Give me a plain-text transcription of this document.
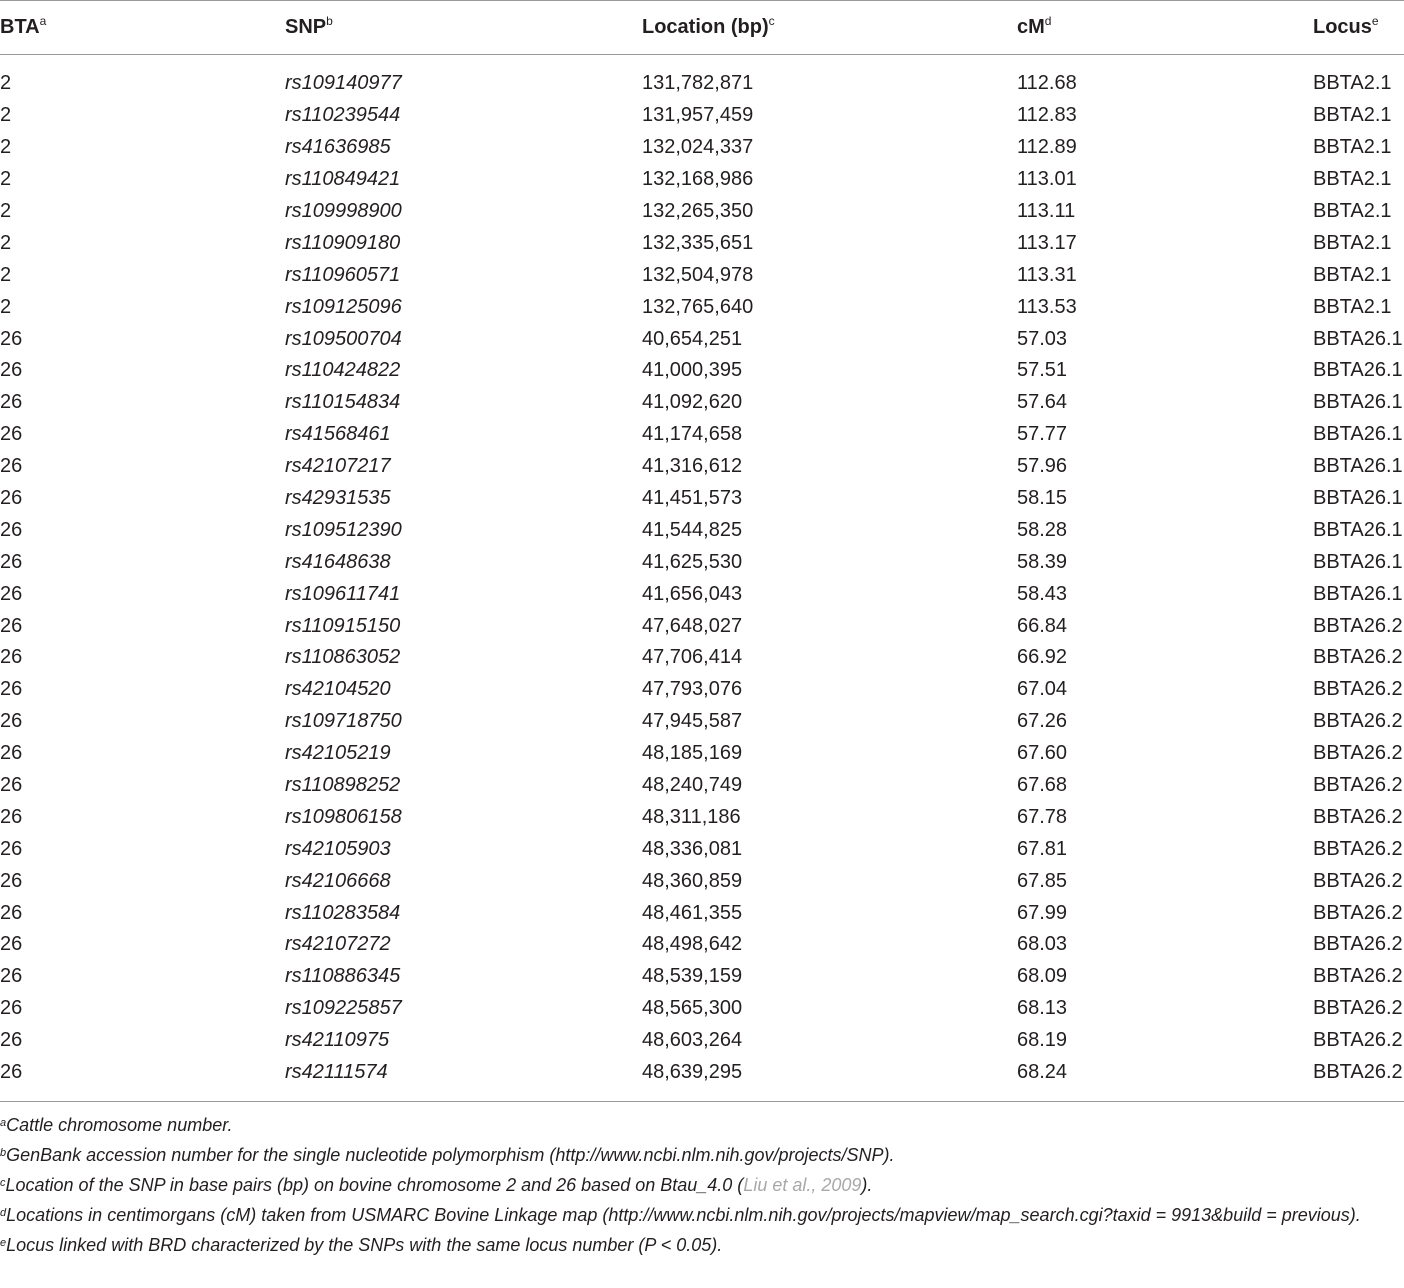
BTA$^a$	SNP$^b$	Location (bp)$^c$	$cM^d$	Locus$^e$
2	rs109140977	131,782,871	112.68	BBTA2.1
2	rs110239544	131,957,459	112.83	BBTA2.1
2	rs41636985	132,024,337	112.89	BBTA2.1
2	rs110849421	132,168,986	113.01	BBTA2.1
2	rs109998900	132,265,350	113.11	BBTA2.1
2	rs110909180	132,335,651	113.17	BBTA2.1
2	rs110960571	132,504,978	113.31	BBTA2.1
2	rs109125096	132,765,640	113.53	BBTA2.1
26	rs109500704	40,654,251	57.03	BBTA26.1
26	rs110424822	41,000,395	57.51	BBTA26.1
26	rs110154834	41,092,620	57.64	BBTA26.1
26	rs41568461	41,174,658	57.77	BBTA26.1
26	rs42107217	41,316,612	57.96	BBTA26.1
26	rs42931535	41,451,573	58.15	BBTA26.1
26	rs109512390	41,544,825	58.28	BBTA26.1
26	rs41648638	41,625,530	58.39	BBTA26.1
26	rs109611741	41,656,043	58.43	BBTA26.1
26	rs110915150	47,648,027	66.84	BBTA26.2
26	rs110863052	47,706,414	66.92	BBTA26.2
26	rs42104520	47,793,076	67.04	BBTA26.2
26	rs109718750	47,945,587	67.26	BBTA26.2
26	rs42105219	48,185,169	67.60	BBTA26.2
26	rs110898252	48,240,749	67.68	BBTA26.2
26	rs109806158	48,311,186	67.78	BBTA26.2
26	rs42105903	48,336,081	67.81	BBTA26.2
26	rs42106668	48,360,859	67.85	BBTA26.2
26	rs110283584	48,461,355	67.99	BBTA26.2
26	rs42107272	48,498,642	68.03	BBTA26.2
26	rs110886345	48,539,159	68.09	BBTA26.2
26	rs109225857	48,565,300	68.13	BBTA26.2
26	rs42110975	48,603,264	68.19	BBTA26.2
26	rs42111574	48,639,295	68.24	BBTA26.2

$^a$Cattle chromosome number.

$^b$GenBank accession number for the single nucleotide polymorphism (http://www.ncbi.nlm.nih.gov/projects/SNP).

$^c$Location of the SNP in base pairs (bp) on bovine chromosome 2 and 26 based on Btau_4.0 (Liu et al., 2009).

$^d$Locations in centimorgans (cM) taken from USMARC Bovine Linkage map (http://www.ncbi.nlm.nih.gov/projects/mapview/map_search.cgi?taxid = 9913&build = previous).

$^e$Locus linked with BRD characterized by the SNPs with the same locus number (P < 0.05).
